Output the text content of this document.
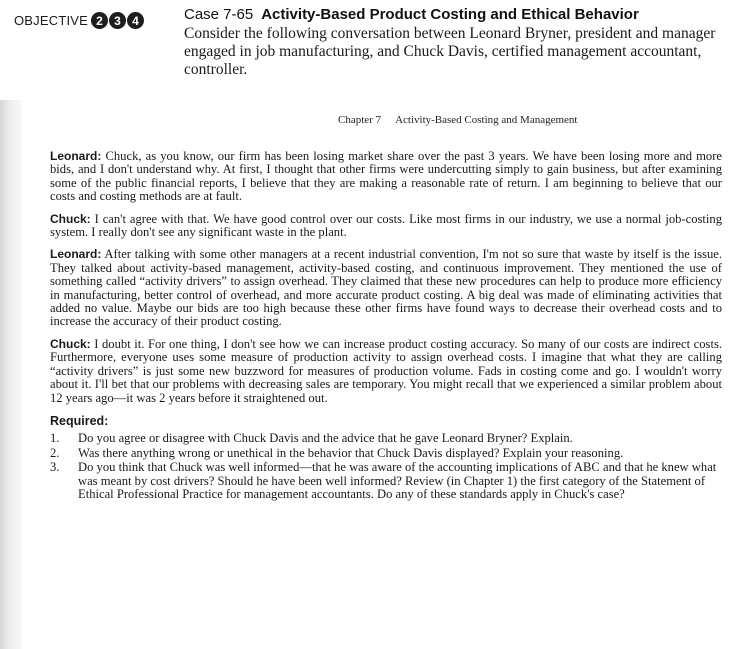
OBJECTIVE 2 3 4	Case 7-65 Activity-Based Product Costing and Ethical Behavior
Consider the following conversation between Leonard Bryner, president and manager engaged in job manufacturing, and Chuck Davis, certified management accountant, controller.
Chapter 7 Activity-Based Costing and Management

Leonard: Chuck, as you know, our firm has been losing market share over the past 3 years. We have been losing more and more bids, and I don't understand why. At first, I thought that other firms were undercutting simply to gain business, but after examining some of the public financial reports, I believe that they are making a reasonable rate of return. I am beginning to believe that our costs and costing methods are at fault.

Chuck: I can't agree with that. We have good control over our costs. Like most firms in our industry, we use a normal job-costing system. I really don't see any significant waste in the plant.

Leonard: After talking with some other managers at a recent industrial convention, I'm not so sure that waste by itself is the issue. They talked about activity-based management, activity-based costing, and continuous improvement. They mentioned the use of something called “activity drivers” to assign overhead. They claimed that these new procedures can help to produce more efficiency in manufacturing, better control of overhead, and more accurate product costing. A big deal was made of eliminating activities that added no value. Maybe our bids are too high because these other firms have found ways to decrease their overhead costs and to increase the accuracy of their product costing.

Chuck: I doubt it. For one thing, I don't see how we can increase product costing accuracy. So many of our costs are indirect costs. Furthermore, everyone uses some measure of production activity to assign overhead costs. I imagine that what they are calling “activity drivers” is just some new buzzword for measures of production volume. Fads in costing come and go. I wouldn't worry about it. I'll bet that our problems with decreasing sales are temporary. You might recall that we experienced a similar problem about 12 years ago—it was 2 years before it straightened out.

Required:
1.	Do you agree or disagree with Chuck Davis and the advice that he gave Leonard Bryner? Explain.
2.	Was there anything wrong or unethical in the behavior that Chuck Davis displayed? Explain your reasoning.
3.	Do you think that Chuck was well informed—that he was aware of the accounting implications of ABC and that he knew what was meant by cost drivers? Should he have been well informed? Review (in Chapter 1) the first category of the Statement of Ethical Professional Practice for management accountants. Do any of these standards apply in Chuck's case?
